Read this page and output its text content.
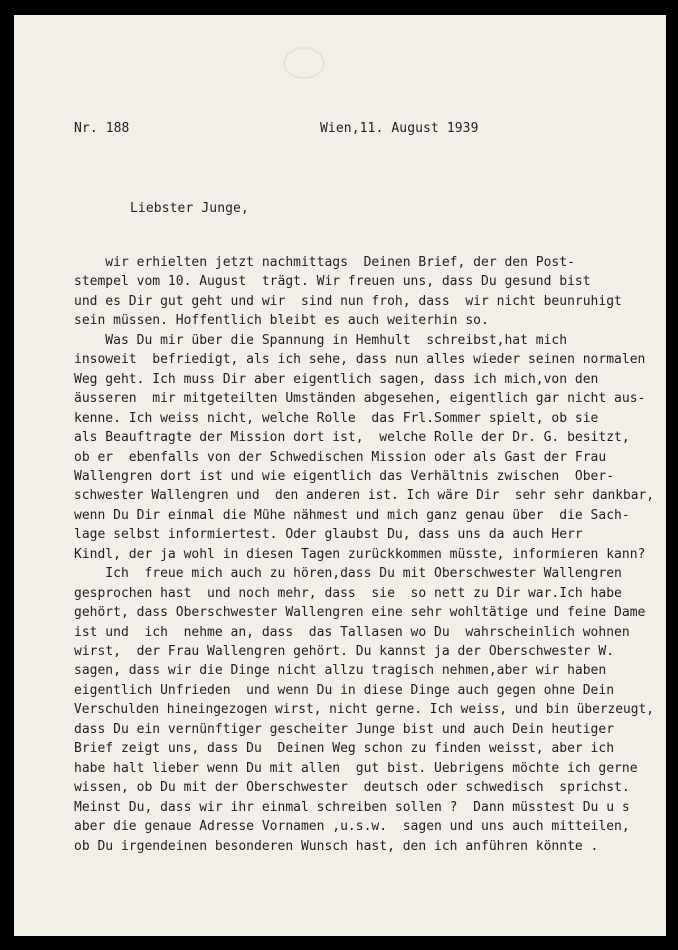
Nr. 188	Wien,11. August 1939
Liebster Junge,
wir erhielten jetzt nachmittags  Deinen Brief, der den Post-
stempel vom 10. August  trägt. Wir freuen uns, dass Du gesund bist
und es Dir gut geht und wir  sind nun froh, dass  wir nicht beunruhigt
sein müssen. Hoffentlich bleibt es auch weiterhin so.
Was Du mir über die Spannung in Hemhult  schreibst,hat mich
insoweit  befriedigt, als ich sehe, dass nun alles wieder seinen normalen
Weg geht. Ich muss Dir aber eigentlich sagen, dass ich mich,von den
äusseren  mir mitgeteilten Umständen abgesehen, eigentlich gar nicht aus-
kenne. Ich weiss nicht, welche Rolle  das Frl.Sommer spielt, ob sie
als Beauftragte der Mission dort ist,  welche Rolle der Dr. G. besitzt,
ob er  ebenfalls von der Schwedischen Mission oder als Gast der Frau
Wallengren dort ist und wie eigentlich das Verhältnis zwischen  Ober-
schwester Wallengren und  den anderen ist. Ich wäre Dir  sehr sehr dankbar,
wenn Du Dir einmal die Mühe nähmest und mich ganz genau über  die Sach-
lage selbst informiertest. Oder glaubst Du, dass uns da auch Herr
Kindl, der ja wohl in diesen Tagen zurückkommen müsste, informieren kann?
Ich  freue mich auch zu hören,dass Du mit Oberschwester Wallengren
gesprochen hast  und noch mehr, dass  sie  so nett zu Dir war.Ich habe
gehört, dass Oberschwester Wallengren eine sehr wohltätige und feine Dame
ist und  ich  nehme an, dass  das Tallasen wo Du  wahrscheinlich wohnen
wirst,  der Frau Wallengren gehört. Du kannst ja der Oberschwester W.
sagen, dass wir die Dinge nicht allzu tragisch nehmen,aber wir haben
eigentlich Unfrieden  und wenn Du in diese Dinge auch gegen ohne Dein
Verschulden hineingezogen wirst, nicht gerne. Ich weiss, und bin überzeugt,
dass Du ein vernünftiger gescheiter Junge bist und auch Dein heutiger
Brief zeigt uns, dass Du  Deinen Weg schon zu finden weisst, aber ich
habe halt lieber wenn Du mit allen  gut bist. Uebrigens möchte ich gerne
wissen, ob Du mit der Oberschwester  deutsch oder schwedisch  sprichst.
Meinst Du, dass wir ihr einmal schreiben sollen ?  Dann müsstest Du u s
aber die genaue Adresse Vornamen ,u.s.w.  sagen und uns auch mitteilen,
ob Du irgendeinen besonderen Wunsch hast, den ich anführen könnte .
